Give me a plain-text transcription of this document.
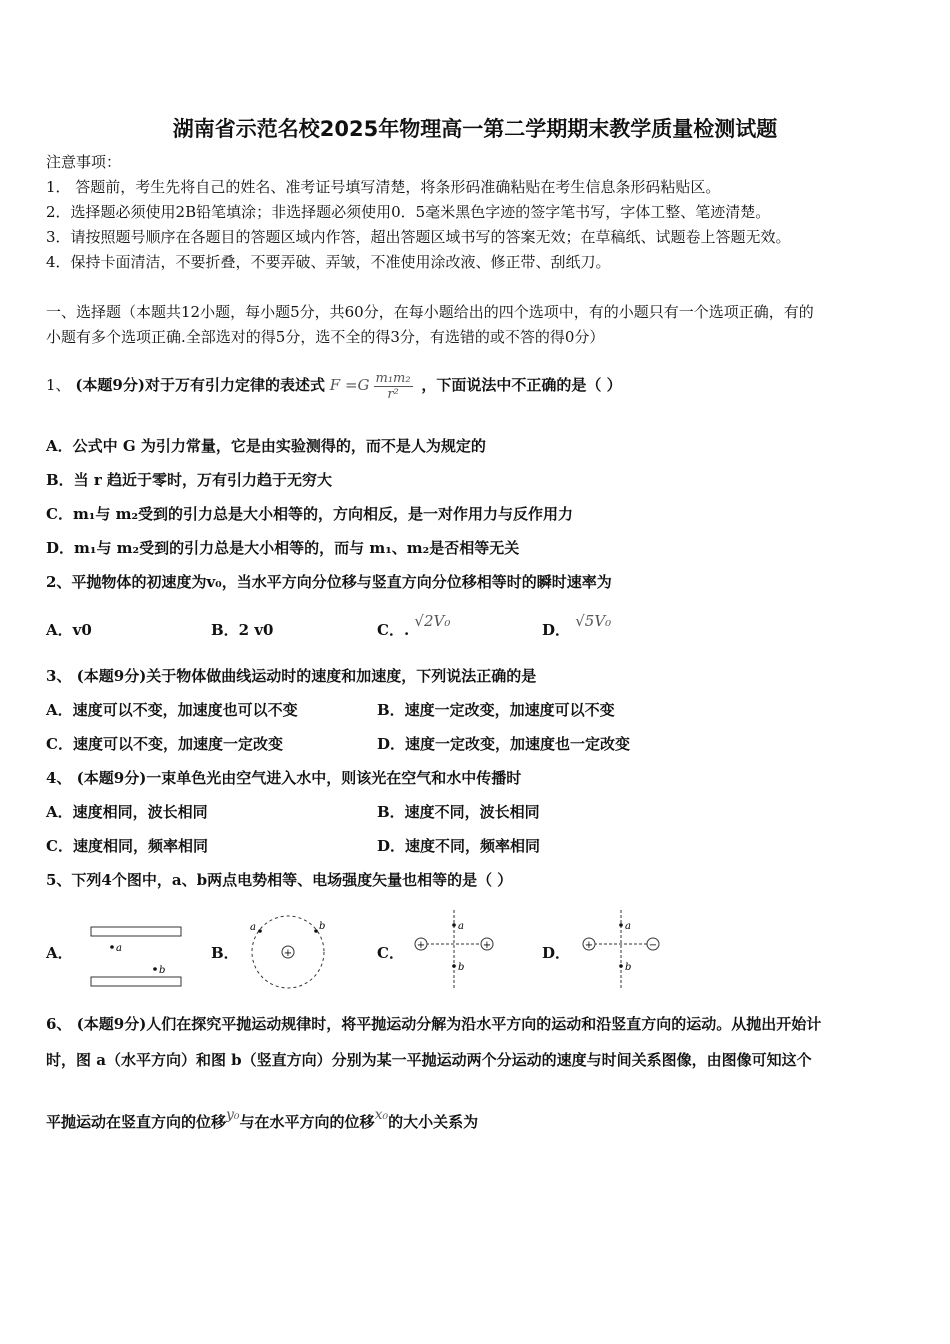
湖南省示范名校2025年物理高一第二学期期末教学质量检测试题
注意事项：
1． 答题前，考生先将自己的姓名、准考证号填写清楚，将条形码准确粘贴在考生信息条形码粘贴区。
2．选择题必须使用2B铅笔填涂；非选择题必须使用0．5毫米黑色字迹的签字笔书写，字体工整、笔迹清楚。
3．请按照题号顺序在各题目的答题区域内作答，超出答题区域书写的答案无效；在草稿纸、试题卷上答题无效。
4．保持卡面清洁，不要折叠，不要弄破、弄皱，不准使用涂改液、修正带、刮纸刀。
一、选择题（本题共12小题，每小题5分，共60分，在每小题给出的四个选项中，有的小题只有一个选项正确，有的
小题有多个选项正确.全部选对的得5分，选不全的得3分，有选错的或不答的得0分）
1、 (本题9分)对于万有引力定律的表述式 $F =G \frac{\text{m₁m₂}}{\text{r²}}$ ，下面说法中不正确的是（ ）
A．公式中 G 为引力常量，它是由实验测得的，而不是人为规定的
B．当 r 趋近于零时，万有引力趋于无穷大
C．m₁与 m₂受到的引力总是大小相等的，方向相反，是一对作用力与反作用力
D．m₁与 m₂受到的引力总是大小相等的，而与 m₁、m₂是否相等无关
2、平抛物体的初速度为v₀，当水平方向分位移与竖直方向分位移相等时的瞬时速率为
A．v0	B．2 v0	C．. √2V₀	D． √5V₀
3、 (本题9分)关于物体做曲线运动时的速度和加速度，下列说法正确的是
A．速度可以不变，加速度也可以不变	B．速度一定改变，加速度可以不变
C．速度可以不变，加速度一定改变	D．速度一定改变，加速度也一定改变
4、 (本题9分)一束单色光由空气进入水中，则该光在空气和水中传播时
A．速度相同，波长相同	B．速度不同，波长相同
C．速度相同，频率相同	D．速度不同，频率相同
5、下列4个图中，a、b两点电势相等、电场强度矢量也相等的是（ ）
A．	a
b
B．	+
a	b
C． +	+
a
b
D． +	−
a
b
6、 (本题9分)人们在探究平抛运动规律时，将平抛运动分解为沿水平方向的运动和沿竖直方向的运动。从抛出开始计
时，图 a（水平方向）和图 b（竖直方向）分别为某一平抛运动两个分运动的速度与时间关系图像，由图像可知这个
平抛运动在竖直方向的位移y₀与在水平方向的位移x₀的大小关系为
